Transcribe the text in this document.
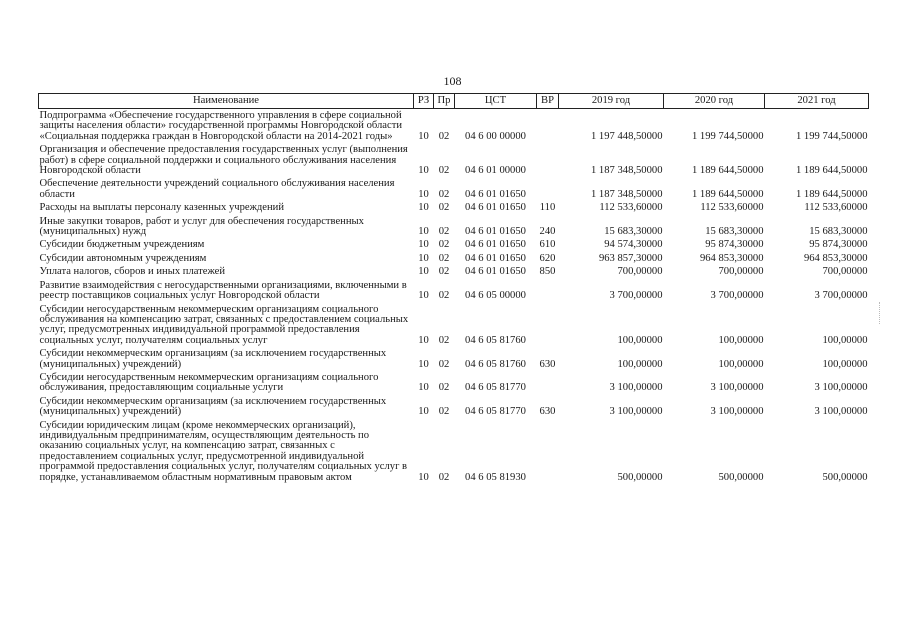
108
Наименование	РЗ	Пр	ЦСТ	ВР	2019 год	2020 год	2021 год
Подпрограмма «Обеспечение государственного управления в сфере социальной защиты населения области» государственной программы Новгородской области «Социальная поддержка граждан в Новгородской области на 2014-2021 годы»	10	02	04 6 00 00000		1 197 448,50000	1 199 744,50000	1 199 744,50000
Организация и обеспечение предоставления государственных услуг (выполнения работ) в сфере социальной поддержки и социального обслуживания населения Новгородской области	10	02	04 6 01 00000		1 187 348,50000	1 189 644,50000	1 189 644,50000
Обеспечение деятельности учреждений социального обслуживания населения области	10	02	04 6 01 01650		1 187 348,50000	1 189 644,50000	1 189 644,50000
Расходы на выплаты персоналу казенных учреждений	10	02	04 6 01 01650	110	112 533,60000	112 533,60000	112 533,60000
Иные закупки товаров, работ и услуг для обеспечения государственных (муниципальных) нужд	10	02	04 6 01 01650	240	15 683,30000	15 683,30000	15 683,30000
Субсидии бюджетным учреждениям	10	02	04 6 01 01650	610	94 574,30000	95 874,30000	95 874,30000
Субсидии автономным учреждениям	10	02	04 6 01 01650	620	963 857,30000	964 853,30000	964 853,30000
Уплата налогов, сборов и иных платежей	10	02	04 6 01 01650	850	700,00000	700,00000	700,00000
Развитие взаимодействия с негосударственными организациями, включенными в реестр поставщиков социальных услуг Новгородской области	10	02	04 6 05 00000		3 700,00000	3 700,00000	3 700,00000
Субсидии негосударственным некоммерческим организациям социального обслуживания на компенсацию затрат, связанных с предоставлением социальных услуг, предусмотренных индивидуальной программой предоставления социальных услуг, получателям социальных услуг	10	02	04 6 05 81760		100,00000	100,00000	100,00000
Субсидии некоммерческим организациям (за исключением государственных (муниципальных) учреждений)	10	02	04 6 05 81760	630	100,00000	100,00000	100,00000
Субсидии негосударственным некоммерческим организациям социального обслуживания, предоставляющим социальные услуги	10	02	04 6 05 81770		3 100,00000	3 100,00000	3 100,00000
Субсидии некоммерческим организациям (за исключением государственных (муниципальных) учреждений)	10	02	04 6 05 81770	630	3 100,00000	3 100,00000	3 100,00000
Субсидии юридическим лицам (кроме некоммерческих организаций), индивидуальным предпринимателям, осуществляющим деятельность по оказанию социальных услуг, на компенсацию затрат, связанных с предоставлением социальных услуг, предусмотренной индивидуальной программой предоставления социальных услуг, получателям социальных услуг в порядке, устанавливаемом областным нормативным правовым актом	10	02	04 6 05 81930		500,00000	500,00000	500,00000
